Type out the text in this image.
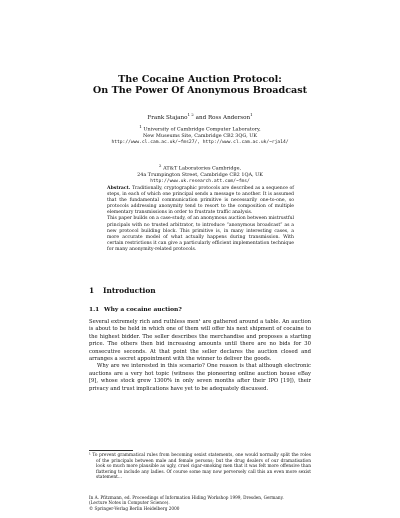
The Cocaine Auction Protocol:
On The Power Of Anonymous Broadcast
Frank Stajano$^{1 2}$ and Ross Anderson$^1$
$^1$ University of Cambridge Computer Laboratory,
New Museums Site, Cambridge CB2 3QG, UK
http://www.cl.cam.ac.uk/~fms27/, http://www.cl.cam.ac.uk/~rja14/
$^2$ AT&T Laboratories Cambridge,
24a Trumpington Street, Cambridge CB2 1QA, UK
http://www.uk.research.att.com/~fms/

Abstract. Traditionally, cryptographic protocols are described as a sequence of steps, in each of which one principal sends a message to another. It is assumed that the fundamental communication primitive is necessarily one-to-one, so protocols addressing anonymity tend to resort to the composition of multiple elementary transmissions in order to frustrate traffic analysis.

This paper builds on a case-study, of an anonymous auction between mistrustful principals with no trusted arbitrator, to introduce “anonymous broadcast” as a new protocol building block. This primitive is, in many interesting cases, a more accurate model of what actually happens during transmission. With certain restrictions it can give a particularly efficient implementation technique for many anonymity-related protocols.

1 Introduction
1.1 Why a cocaine auction?

Several extremely rich and ruthless men¹ are gathered around a table. An auction is about to be held in which one of them will offer his next shipment of cocaine to the highest bidder. The seller describes the merchandise and proposes a starting price. The others then bid increasing amounts until there are no bids for 30 consecutive seconds. At that point the seller declares the auction closed and arranges a secret appointment with the winner to deliver the goods.

Why are we interested in this scenario? One reason is that although electronic auctions are a very hot topic (witness the pioneering online auction house eBay [9], whose stock grew 1300% in only seven months after their IPO [19]), their privacy and trust implications have yet to be adequately discussed.

¹ To prevent grammatical rules from becoming sexist statements, one would normally split the roles of the principals between male and female persons; but the drug dealers of our dramatisation look so much more plausible as ugly, cruel cigar-smoking men that it was felt more offensive than flattering to include any ladies. Of course some may now perversely call this an even more sexist statement...

In A. Pfitzmann, ed. Proceedings of Information Hiding Workshop 1999, Dresden, Germany.
(Lecture Notes in Computer Science).
© Springer-Verlag Berlin Heidelberg 2000
